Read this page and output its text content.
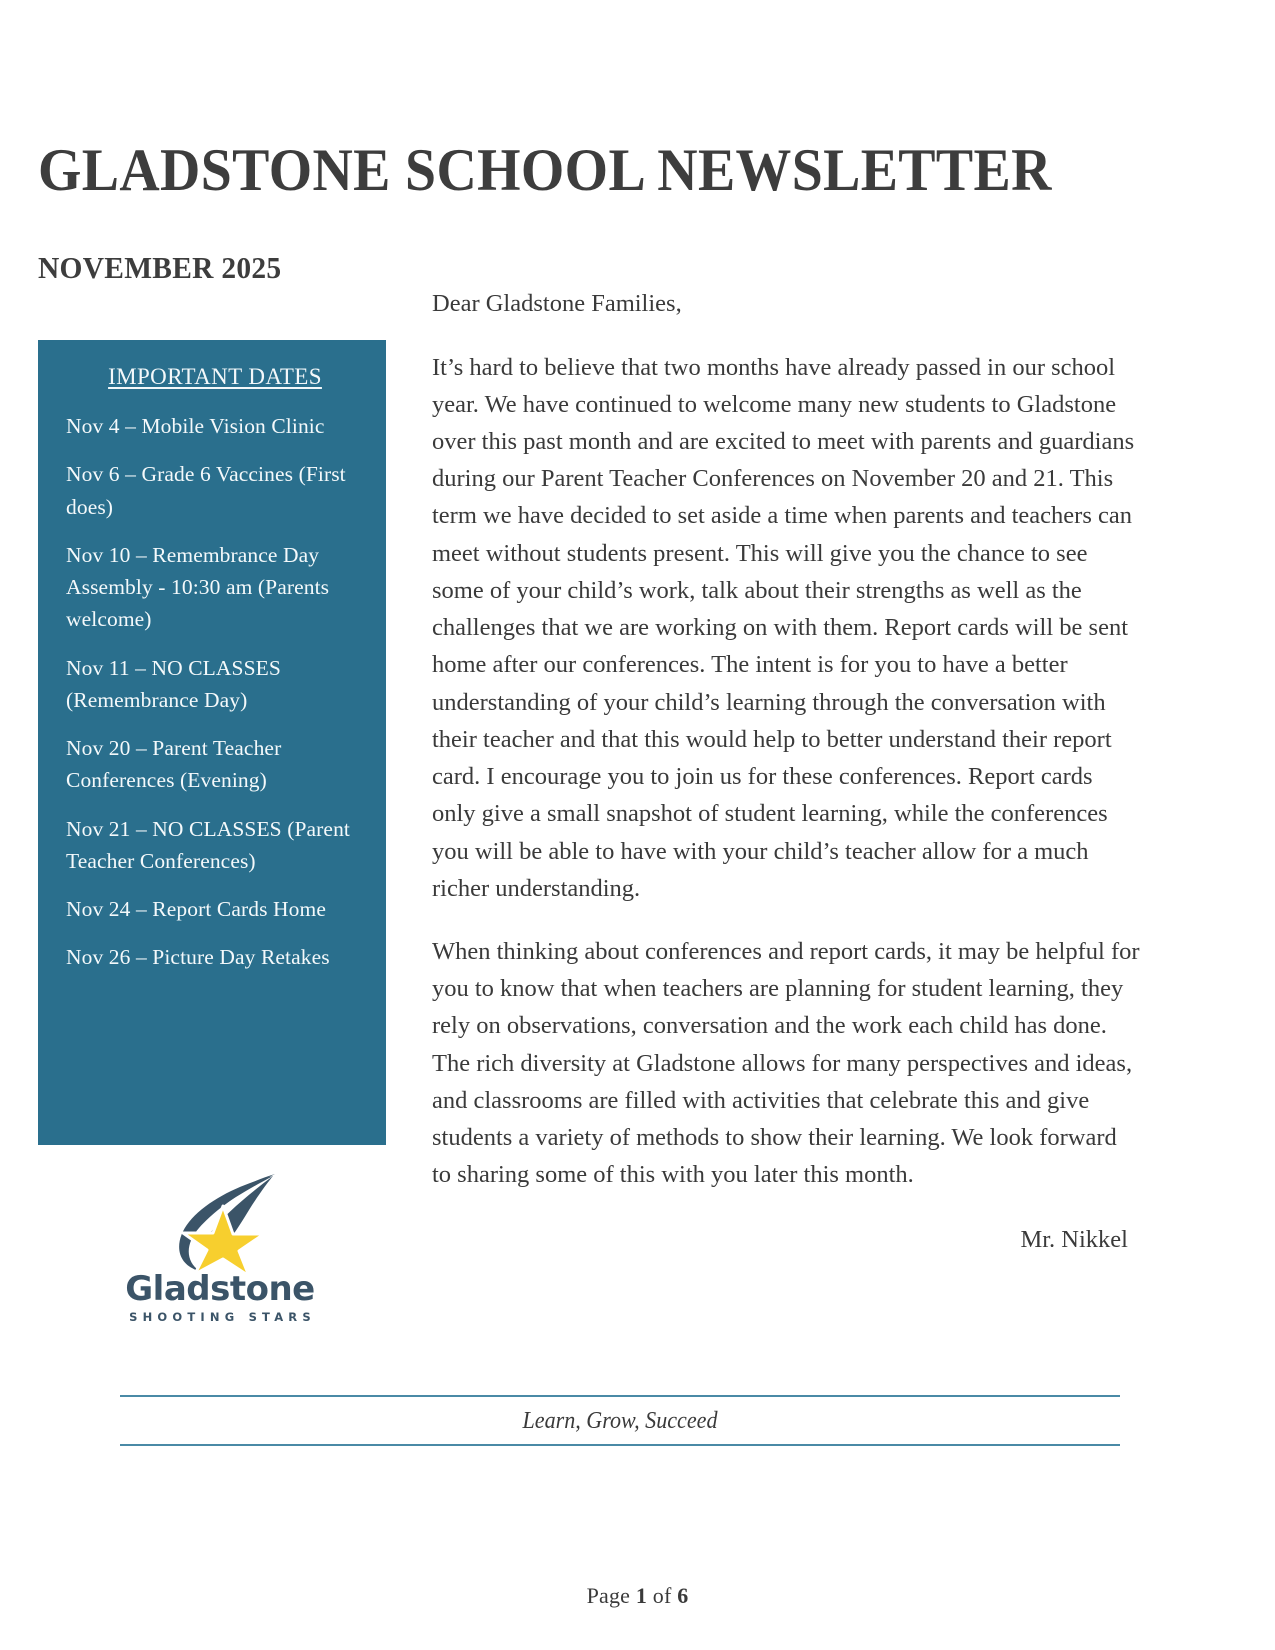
GLADSTONE SCHOOL NEWSLETTER
NOVEMBER 2025
IMPORTANT DATES
Nov 4 – Mobile Vision Clinic
Nov 6 – Grade 6 Vaccines (First does)
Nov 10 – Remembrance Day Assembly - 10:30 am (Parents welcome)
Nov 11 – NO CLASSES (Remembrance Day)
Nov 20 – Parent Teacher Conferences (Evening)
Nov 21 – NO CLASSES (Parent Teacher Conferences)
Nov 24 – Report Cards Home
Nov 26 – Picture Day Retakes
Gladstone
SHOOTING STARS

Dear Gladstone Families,

It’s hard to believe that two months have already passed in our school year. We have continued to welcome many new students to Gladstone over this past month and are excited to meet with parents and guardians during our Parent Teacher Conferences on November 20 and 21. This term we have decided to set aside a time when parents and teachers can meet without students present. This will give you the chance to see some of your child’s work, talk about their strengths as well as the challenges that we are working on with them. Report cards will be sent home after our conferences. The intent is for you to have a better understanding of your child’s learning through the conversation with their teacher and that this would help to better understand their report card. I encourage you to join us for these conferences. Report cards only give a small snapshot of student learning, while the conferences you will be able to have with your child’s teacher allow for a much richer understanding.

When thinking about conferences and report cards, it may be helpful for you to know that when teachers are planning for student learning, they rely on observations, conversation and the work each child has done. The rich diversity at Gladstone allows for many perspectives and ideas, and classrooms are filled with activities that celebrate this and give students a variety of methods to show their learning. We look forward to sharing some of this with you later this month.

Mr. Nikkel

Learn, Grow, Succeed
Page 1 of 6
